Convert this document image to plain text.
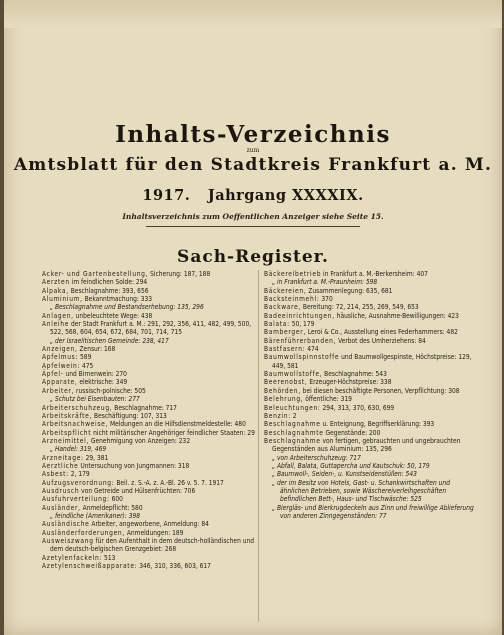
Inhalts-Verzeichnis
zum
Amtsblatt für den Stadtkreis Frankfurt a. M.
1917. Jahrgang XXXXIX.
Inhaltsverzeichnis zum Oeffentlichen Anzeiger siehe Seite 15.
Sach-Register.
Acker- und Gartenbestellung, Sicherung: 187, 188
Aerzten im feindlichen Solde: 294
Alpaka, Beschlagnahme: 393, 656
Aluminium, Bekanntmachung: 333
„ Beschlagnahme und Bestandserhebung: 135, 296
Anlagen, unbeleuchtete Wege: 438
Anleihe der Stadt Frankfurt a. M.: 291, 292, 356, 411, 482, 499, 500, 522, 568, 604, 654, 672, 684, 701, 714, 715
„ der Israelitischen Gemeinde: 238, 417
Anzeigen, Zensur: 168
Apfelmus: 589
Apfelwein: 475
Äpfel- und Birnenwein: 270
Apparate, elektrische: 349
Arbeiter, russisch-polnische: 505
„ Schutz bei Eisenbauten: 277
Arbeiterschuhzeug, Beschlagnahme: 717
Arbeitskräfte, Beschäftigung: 107, 313
Arbeitsnachweise, Meldungen an die Hilfsdienstmeldestelle: 480
Arbeitspflicht nicht militärischer Angehöriger feindlicher Staaten: 29
Arzneimittel, Genehmigung von Anzeigen: 232
„ Handel: 319, 469
Arzneitage: 29, 381
Aerztliche Untersuchung von Jungmannen: 318
Asbest: 2, 179
Aufzugsverordnung: Beil. z. S.-A. z. A.-Bl. 26 v. 5. 7. 1917
Ausdrusch von Getreide und Hülsenfrüchten: 706
Ausfuhrverteilung: 600
Ausländer, Anmeldepflicht: 580
„ feindliche (Amerikaner): 398
Ausländische Arbeiter, angeworbene, Anmeldung: 84
Ausländerforderungen, Anmeldungen: 189
Ausweiszwang für den Aufenthalt in dem deutsch-holländischen und dem deutsch-belgischen Grenzgebiet: 268
Azetylenfackeln: 513
Azetylenschweißapparate: 346, 310, 336, 603, 617
Bäckereibetrieb in Frankfurt a. M.-Berkersheim: 407
„ in Frankfurt a. M.-Praunheim: 598
Bäckereien, Zusammenlegung: 635, 681
Backsteinmehl: 370
Backware, Bereitung: 72, 214, 255, 269, 549, 653
Badeeinrichtungen, häusliche, Ausnahme-Bewilligungen: 423
Balata: 50, 179
Bamberger, Leroi & Co., Ausstellung eines Federhammers: 482
Bärenführerbanden, Verbot des Umherziehens: 84
Bastfasern: 474
Baumwollspinnstoffe und Baumwollgespinste, Höchstpreise: 129, 449, 581
Baumwollstoffe, Beschlagnahme: 543
Beerenobst, Erzeuger-Höchstpreise: 338
Behörden, bei diesen beschäftigte Personen, Verpflichtung: 308
Belehrung, öffentliche: 319
Beleuchtungen: 294, 313, 370, 630, 699
Benzin: 2
Beschlagnahme u. Enteignung, Begriffserklärung: 393
Beschlagnahmte Gegenstände: 200
Beschlagnahme von fertigen, gebrauchten und ungebrauchten Gegenständen aus Aluminium: 135, 296
„ von Arbeiterschuhzeug: 717
„ Abfall, Balata, Guttapercha und Kautschuk: 50, 179
„ Baumwoll-, Seiden-, u. Kunstseidenstüllen: 543
„ der im Besitz von Hotels, Gast- u. Schankwirtschaften und ähnlichen Betrieben, sowie Wäschereiverleihgeschäften befindlichen Bett-, Haus- und Tischwäsche: 525
„ Biergläs- und Bierkrugdeckeln aus Zinn und freiwillige Ablieferung von anderen Zinngegenständen: 77
